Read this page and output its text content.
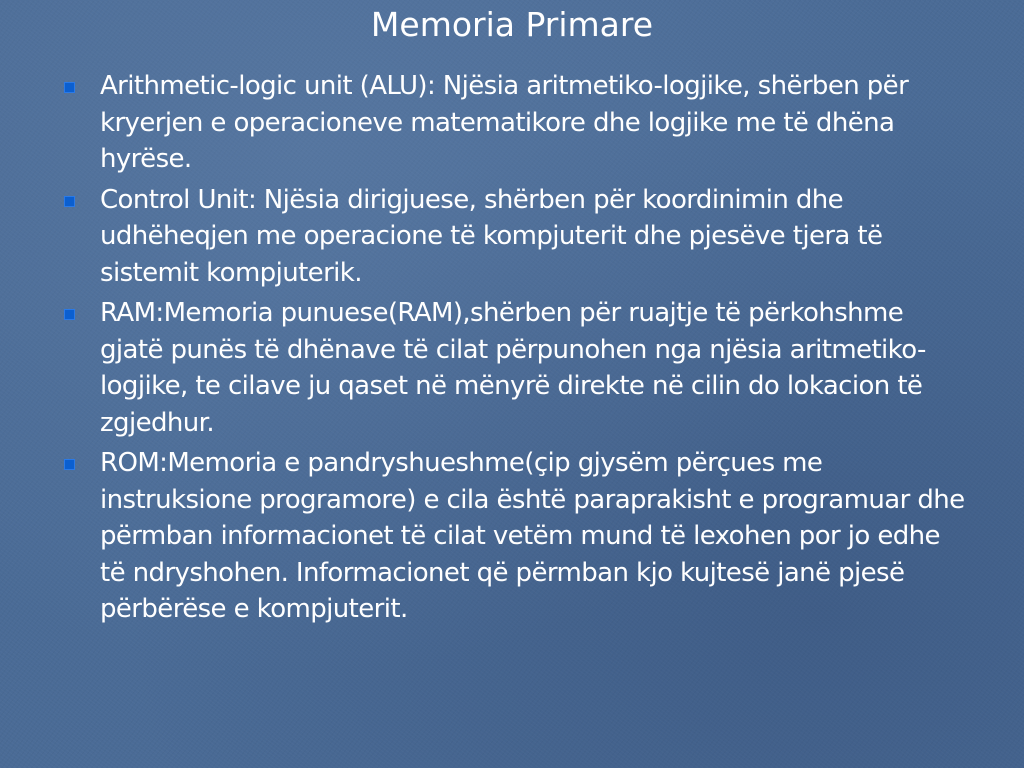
Memoria Primare
Arithmetic-logic unit (ALU): Njësia aritmetiko-logjike, shërben për kryerjen e operacioneve matematikore dhe logjike me të dhëna hyrëse.
Control Unit: Njësia dirigjuese, shërben për koordinimin dhe udhëheqjen me operacione të kompjuterit dhe pjesëve tjera të sistemit kompjuterik.
RAM:Memoria punuese(RAM),shërben për ruajtje të përkohshme gjatë punës të dhënave të cilat përpunohen nga njësia aritmetiko-logjike, te cilave ju qaset në mënyrë direkte në cilin do lokacion të zgjedhur.
ROM:Memoria e pandryshueshme(çip gjysëm përçues me instruksione programore) e cila është paraprakisht e programuar dhe përmban informacionet të cilat vetëm mund të lexohen por jo edhe të ndryshohen. Informacionet që përmban kjo kujtesë janë pjesë përbërëse e kompjuterit.
